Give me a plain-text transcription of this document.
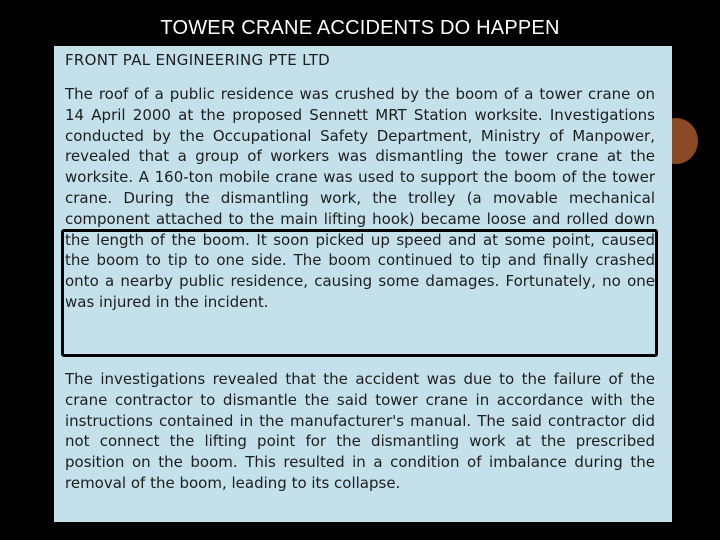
TOWER CRANE ACCIDENTS DO HAPPEN
FRONT PAL ENGINEERING PTE LTD
The roof of a public residence was crushed by the boom of a tower crane on 14 April 2000 at the proposed Sennett MRT Station worksite. Investigations conducted by the Occupational Safety Department, Ministry of Manpower, revealed that a group of workers was dismantling the tower crane at the worksite. A 160-ton mobile crane was used to support the boom of the tower crane. During the dismantling work, the trolley (a movable mechanical component attached to the main lifting hook) became loose and rolled down the length of the boom. It soon picked up speed and at some point, caused the boom to tip to one side. The boom continued to tip and finally crashed onto a nearby public residence, causing some damages. Fortunately, no one was injured in the incident.
The investigations revealed that the accident was due to the failure of the crane contractor to dismantle the said tower crane in accordance with the instructions contained in the manufacturer's manual. The said contractor did not connect the lifting point for the dismantling work at the prescribed position on the boom. This resulted in a condition of imbalance during the removal of the boom, leading to its collapse.
